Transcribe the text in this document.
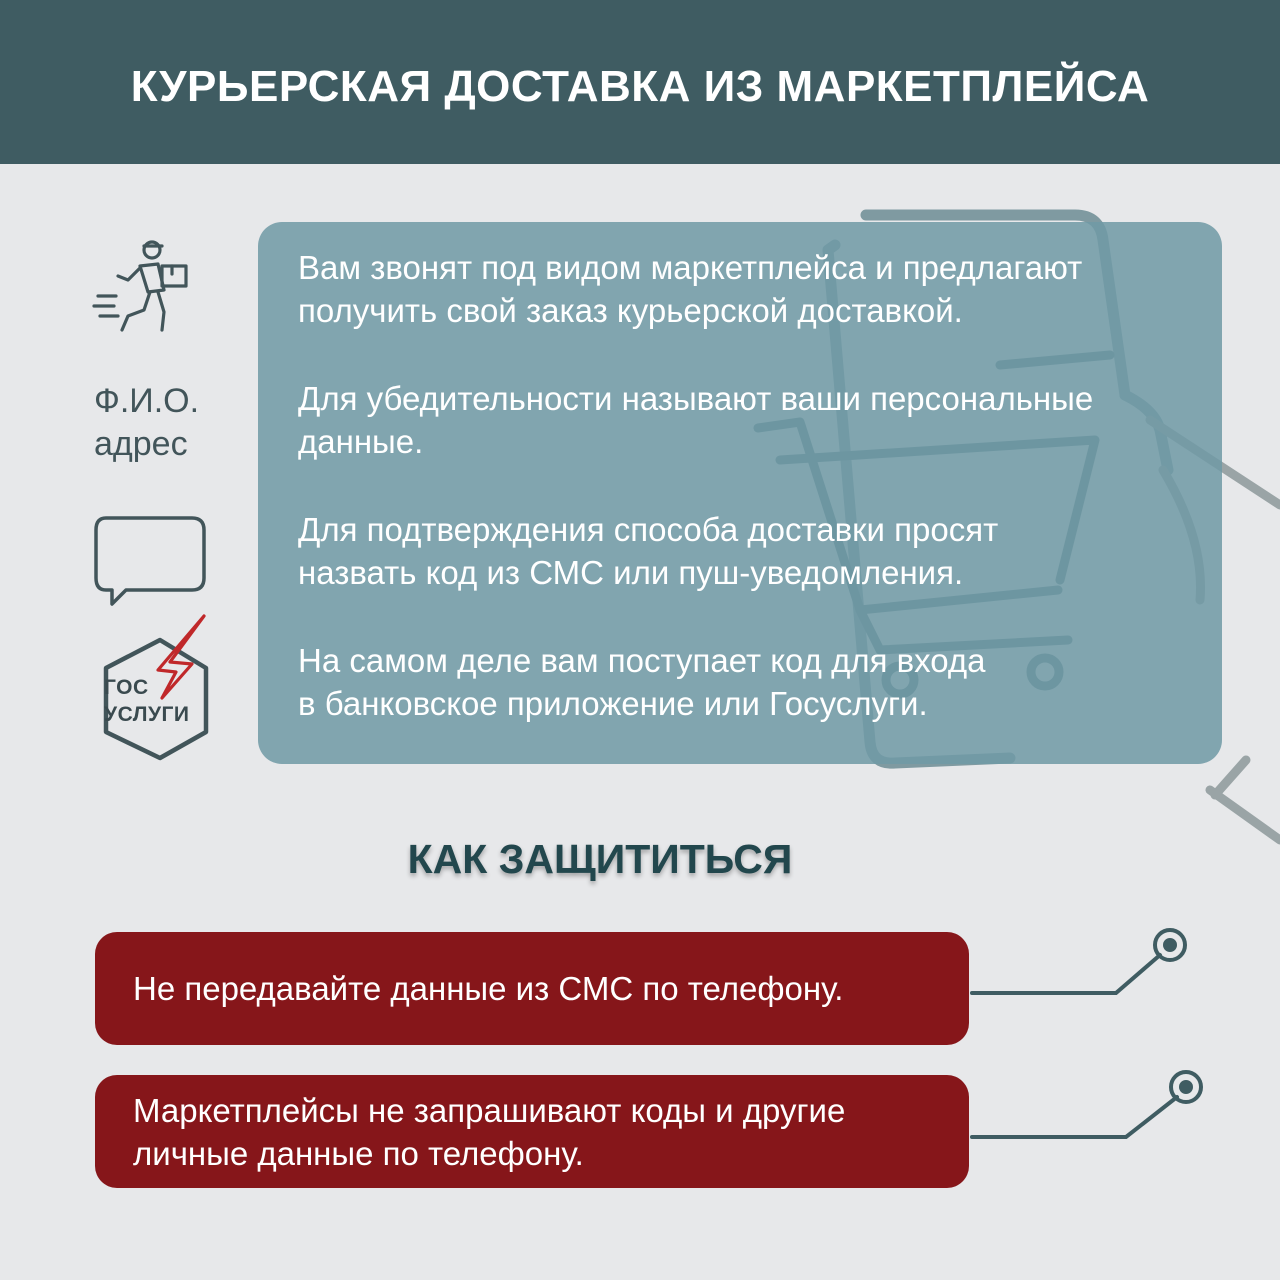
КУРЬЕРСКАЯ ДОСТАВКА ИЗ МАРКЕТПЛЕЙСА

Вам звонят под видом маркетплейса и предлагают
получить свой заказ курьерской доставкой.

Для убедительности называют ваши персональные
данные.

Для подтверждения способа доставки просят
назвать код из СМС или пуш-уведомления.

На самом деле вам поступает код для входа
в банковское приложение или Госуслуги.

Ф.И.О.
адрес
ГОС
УСЛУГИ
КАК ЗАЩИТИТЬСЯ
Не передавайте данные из СМС по телефону.
Маркетплейсы не запрашивают коды и другие
личные данные по телефону.
